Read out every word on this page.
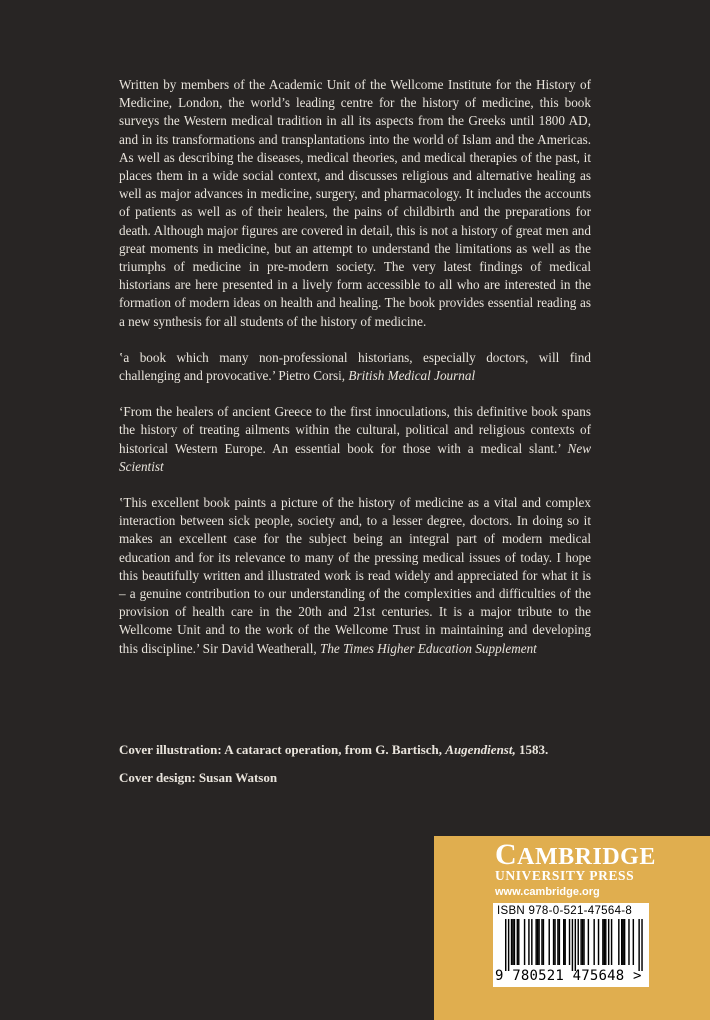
Written by members of the Academic Unit of the Wellcome Institute for the History of Medicine, London, the world’s leading centre for the history of medicine, this book surveys the Western medical tradition in all its aspects from the Greeks until 1800 AD, and in its transformations and transplantations into the world of Islam and the Americas. As well as describing the diseases, medical theories, and medical therapies of the past, it places them in a wide social context, and discusses religious and alternative healing as well as major advances in medicine, surgery, and pharmacology. It includes the accounts of patients as well as of their healers, the pains of childbirth and the preparations for death. Although major figures are covered in detail, this is not a history of great men and great moments in medicine, but an attempt to understand the limitations as well as the triumphs of medicine in pre-modern society. The very latest findings of medical historians are here presented in a lively form accessible to all who are interested in the formation of modern ideas on health and healing. The book provides essential reading as a new synthesis for all students of the history of medicine.

‛a book which many non-professional historians, especially doctors, will find challenging and provocative.’ Pietro Corsi, British Medical Journal

‘From the healers of ancient Greece to the first innoculations, this definitive book spans the history of treating ailments within the cultural, political and religious contexts of historical Western Europe. An essential book for those with a medical slant.’ New Scientist

‛This excellent book paints a picture of the history of medicine as a vital and complex interaction between sick people, society and, to a lesser degree, doctors. In doing so it makes an excellent case for the subject being an integral part of modern medical education and for its relevance to many of the pressing medical issues of today. I hope this beautifully written and illustrated work is read widely and appreciated for what it is – a genuine contribution to our understanding of the complexities and difficulties of the provision of health care in the 20th and 21st centuries. It is a major tribute to the Wellcome Unit and to the work of the Wellcome Trust in maintaining and developing this discipline.’ Sir David Weatherall, The Times Higher Education Supplement

Cover illustration: A cataract operation, from G. Bartisch, Augendienst, 1583.

Cover design: Susan Watson

CAMBRIDGE
UNIVERSITY PRESS
www.cambridge.org
ISBN 978-0-521-47564-8
9 780521 475648 >
